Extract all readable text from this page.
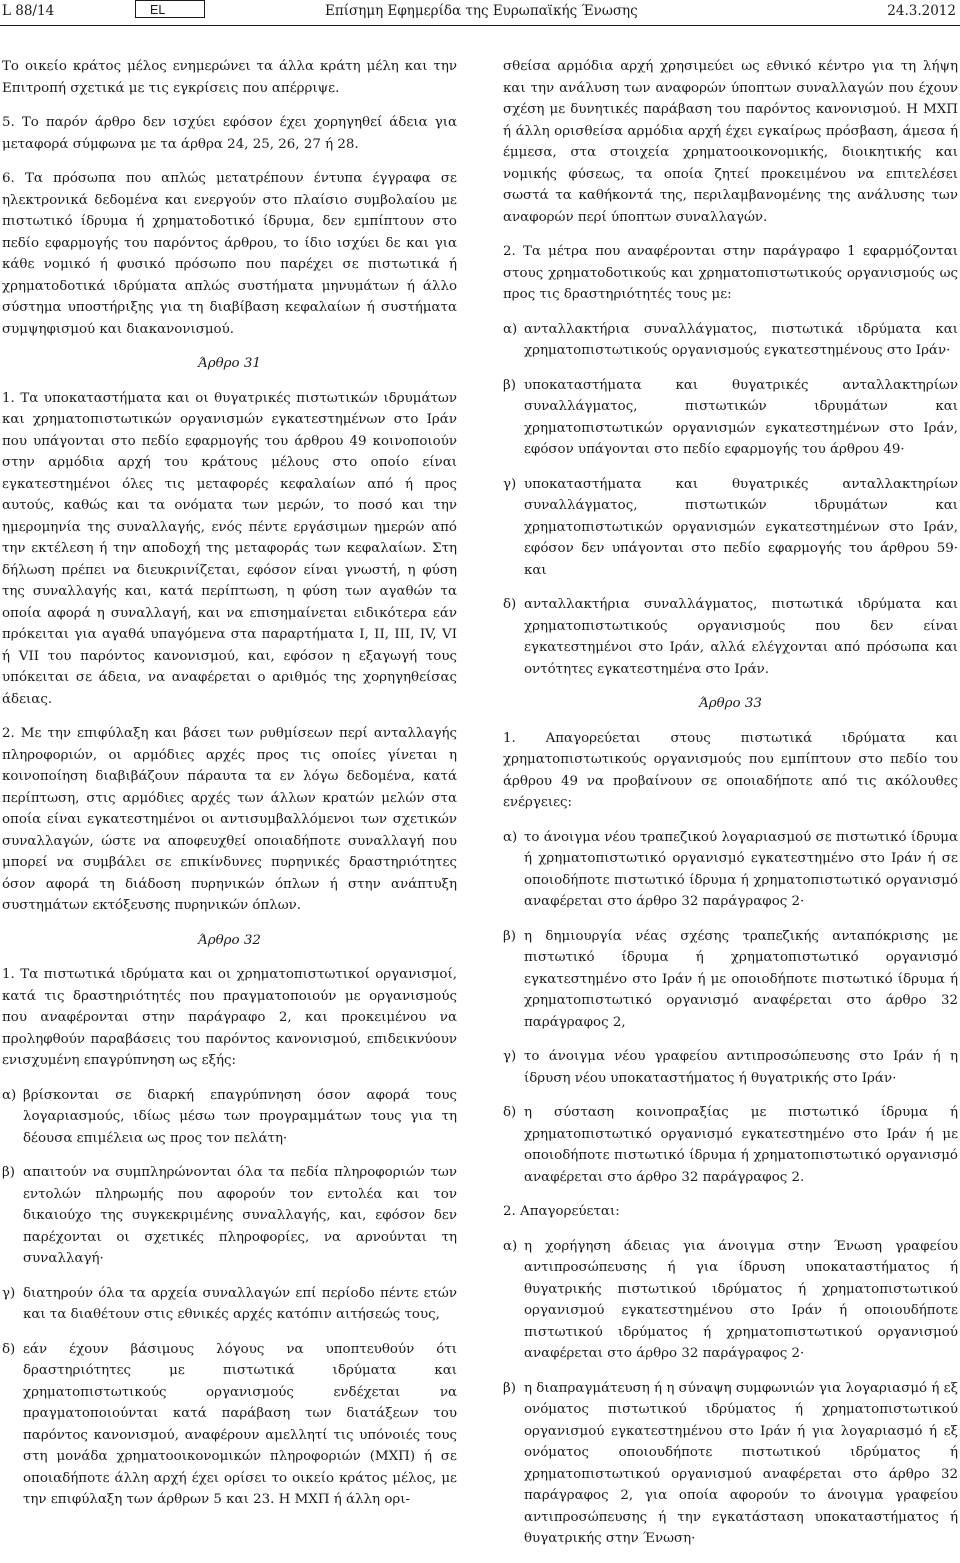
L 88/14	EL	Επίσημη Εφημερίδα της Ευρωπαϊκής Ένωσης	24.3.2012

Το οικείο κράτος μέλος ενημερώνει τα άλλα κράτη μέλη και την Επιτροπή σχετικά με τις εγκρίσεις που απέρριψε.

5. Το παρόν άρθρο δεν ισχύει εφόσον έχει χορηγηθεί άδεια για μεταφορά σύμφωνα με τα άρθρα 24, 25, 26, 27 ή 28.

6. Τα πρόσωπα που απλώς μετατρέπουν έντυπα έγγραφα σε ηλεκτρονικά δεδομένα και ενεργούν στο πλαίσιο συμβολαίου με πιστωτικό ίδρυμα ή χρηματοδοτικό ίδρυμα, δεν εμπίπτουν στο πεδίο εφαρμογής του παρόντος άρθρου, το ίδιο ισχύει δε και για κάθε νομικό ή φυσικό πρόσωπο που παρέχει σε πιστωτικά ή χρηματοδοτικά ιδρύματα απλώς συστήματα μηνυμάτων ή άλλο σύστημα υποστήριξης για τη διαβίβαση κεφαλαίων ή συστήματα συμψηφισμού και διακανονισμού.

Άρθρο 31

1. Τα υποκαταστήματα και οι θυγατρικές πιστωτικών ιδρυμάτων και χρηματοπιστωτικών οργανισμών εγκατεστημένων στο Ιράν που υπάγονται στο πεδίο εφαρμογής του άρθρου 49 κοινοποιούν στην αρμόδια αρχή του κράτους μέλους στο οποίο είναι εγκατεστημένοι όλες τις μεταφορές κεφαλαίων από ή προς αυτούς, καθώς και τα ονόματα των μερών, το ποσό και την ημερομηνία της συναλλαγής, ενός πέντε εργάσιμων ημερών από την εκτέλεση ή την αποδοχή της μεταφοράς των κεφαλαίων. Στη δήλωση πρέπει να διευκρινίζεται, εφόσον είναι γνωστή, η φύση της συναλλαγής και, κατά περίπτωση, η φύση των αγαθών τα οποία αφορά η συναλλαγή, και να επισημαίνεται ειδικότερα εάν πρόκειται για αγαθά υπαγόμενα στα παραρτήματα I, II, III, IV, VI ή VII του παρόντος κανονισμού, και, εφόσον η εξαγωγή τους υπόκειται σε άδεια, να αναφέρεται ο αριθμός της χορηγηθείσας άδειας.

2. Με την επιφύλαξη και βάσει των ρυθμίσεων περί ανταλλαγής πληροφοριών, οι αρμόδιες αρχές προς τις οποίες γίνεται η κοινοποίηση διαβιβάζουν πάραυτα τα εν λόγω δεδομένα, κατά περίπτωση, στις αρμόδιες αρχές των άλλων κρατών μελών στα οποία είναι εγκατεστημένοι οι αντισυμβαλλόμενοι των σχετικών συναλλαγών, ώστε να αποφευχθεί οποιαδήποτε συναλλαγή που μπορεί να συμβάλει σε επικίνδυνες πυρηνικές δραστηριότητες όσον αφορά τη διάδοση πυρηνικών όπλων ή στην ανάπτυξη συστημάτων εκτόξευσης πυρηνικών όπλων.

Άρθρο 32

1. Τα πιστωτικά ιδρύματα και οι χρηματοπιστωτικοί οργανισμοί, κατά τις δραστηριότητές που πραγματοποιούν με οργανισμούς που αναφέρονται στην παράγραφο 2, και προκειμένου να προληφθούν παραβάσεις του παρόντος κανονισμού, επιδεικνύουν ενισχυμένη επαγρύπνηση ως εξής:

α) βρίσκονται σε διαρκή επαγρύπνηση όσον αφορά τους λογαριασμούς, ιδίως μέσω των προγραμμάτων τους για τη δέουσα επιμέλεια ως προς τον πελάτη·
β) απαιτούν να συμπληρώνονται όλα τα πεδία πληροφοριών των εντολών πληρωμής που αφορούν τον εντολέα και τον δικαιούχο της συγκεκριμένης συναλλαγής, και, εφόσον δεν παρέχονται οι σχετικές πληροφορίες, να αρνούνται τη συναλλαγή·
γ) διατηρούν όλα τα αρχεία συναλλαγών επί περίοδο πέντε ετών και τα διαθέτουν στις εθνικές αρχές κατόπιν αιτήσεώς τους,
δ) εάν έχουν βάσιμους λόγους να υποπτευθούν ότι δραστηριότητες με πιστωτικά ιδρύματα και χρηματοπιστωτικούς οργανισμούς ενδέχεται να πραγματοποιούνται κατά παράβαση των διατάξεων του παρόντος κανονισμού, αναφέρουν αμελλητί τις υπόνοιές τους στη μονάδα χρηματοοικονομικών πληροφοριών (ΜΧΠ) ή σε οποιαδήποτε άλλη αρχή έχει ορίσει το οικείο κράτος μέλος, με την επιφύλαξη των άρθρων 5 και 23. Η ΜΧΠ ή άλλη ορι-

σθείσα αρμόδια αρχή χρησιμεύει ως εθνικό κέντρο για τη λήψη και την ανάλυση των αναφορών ύποπτων συναλλαγών που έχουν σχέση με δυνητικές παράβαση του παρόντος κανονισμού. Η ΜΧΠ ή άλλη ορισθείσα αρμόδια αρχή έχει εγκαίρως πρόσβαση, άμεσα ή έμμεσα, στα στοιχεία χρηματοοικονομικής, διοικητικής και νομικής φύσεως, τα οποία ζητεί προκειμένου να επιτελέσει σωστά τα καθήκοντά της, περιλαμβανομένης της ανάλυσης των αναφορών περί ύποπτων συναλλαγών.

2. Τα μέτρα που αναφέρονται στην παράγραφο 1 εφαρμόζονται στους χρηματοδοτικούς και χρηματοπιστωτικούς οργανισμούς ως προς τις δραστηριότητές τους με:

α) ανταλλακτήρια συναλλάγματος, πιστωτικά ιδρύματα και χρηματοπιστωτικούς οργανισμούς εγκατεστημένους στο Ιράν·
β) υποκαταστήματα και θυγατρικές ανταλλακτηρίων συναλλάγματος, πιστωτικών ιδρυμάτων και χρηματοπιστωτικών οργανισμών εγκατεστημένων στο Ιράν, εφόσον υπάγονται στο πεδίο εφαρμογής του άρθρου 49·
γ) υποκαταστήματα και θυγατρικές ανταλλακτηρίων συναλλάγματος, πιστωτικών ιδρυμάτων και χρηματοπιστωτικών οργανισμών εγκατεστημένων στο Ιράν, εφόσον δεν υπάγονται στο πεδίο εφαρμογής του άρθρου 59· και
δ) ανταλλακτήρια συναλλάγματος, πιστωτικά ιδρύματα και χρηματοπιστωτικούς οργανισμούς που δεν είναι εγκατεστημένοι στο Ιράν, αλλά ελέγχονται από πρόσωπα και οντότητες εγκατεστημένα στο Ιράν.
Άρθρο 33

1. Απαγορεύεται στους πιστωτικά ιδρύματα και χρηματοπιστωτικούς οργανισμούς που εμπίπτουν στο πεδίο του άρθρου 49 να προβαίνουν σε οποιαδήποτε από τις ακόλουθες ενέργειες:

α) το άνοιγμα νέου τραπεζικού λογαριασμού σε πιστωτικό ίδρυμα ή χρηματοπιστωτικό οργανισμό εγκατεστημένο στο Ιράν ή σε οποιοδήποτε πιστωτικό ίδρυμα ή χρηματοπιστωτικό οργανισμό αναφέρεται στο άρθρο 32 παράγραφος 2·
β) η δημιουργία νέας σχέσης τραπεζικής ανταπόκρισης με πιστωτικό ίδρυμα ή χρηματοπιστωτικό οργανισμό εγκατεστημένο στο Ιράν ή με οποιοδήποτε πιστωτικό ίδρυμα ή χρηματοπιστωτικό οργανισμό αναφέρεται στο άρθρο 32 παράγραφος 2,
γ) το άνοιγμα νέου γραφείου αντιπροσώπευσης στο Ιράν ή η ίδρυση νέου υποκαταστήματος ή θυγατρικής στο Ιράν·
δ) η σύσταση κοινοπραξίας με πιστωτικό ίδρυμα ή χρηματοπιστωτικό οργανισμό εγκατεστημένο στο Ιράν ή με οποιοδήποτε πιστωτικό ίδρυμα ή χρηματοπιστωτικό οργανισμό αναφέρεται στο άρθρο 32 παράγραφος 2.

2. Απαγορεύεται:

α) η χορήγηση άδειας για άνοιγμα στην Ένωση γραφείου αντιπροσώπευσης ή για ίδρυση υποκαταστήματος ή θυγατρικής πιστωτικού ιδρύματος ή χρηματοπιστωτικού οργανισμού εγκατεστημένου στο Ιράν ή οποιουδήποτε πιστωτικού ιδρύματος ή χρηματοπιστωτικού οργανισμού αναφέρεται στο άρθρο 32 παράγραφος 2·
β) η διαπραγμάτευση ή η σύναψη συμφωνιών για λογαριασμό ή εξ ονόματος πιστωτικού ιδρύματος ή χρηματοπιστωτικού οργανισμού εγκατεστημένου στο Ιράν ή για λογαριασμό ή εξ ονόματος οποιουδήποτε πιστωτικού ιδρύματος ή χρηματοπιστωτικού οργανισμού αναφέρεται στο άρθρο 32 παράγραφος 2, για οποία αφορούν το άνοιγμα γραφείου αντιπροσώπευσης ή την εγκατάσταση υποκαταστήματος ή θυγατρικής στην Ένωση·
